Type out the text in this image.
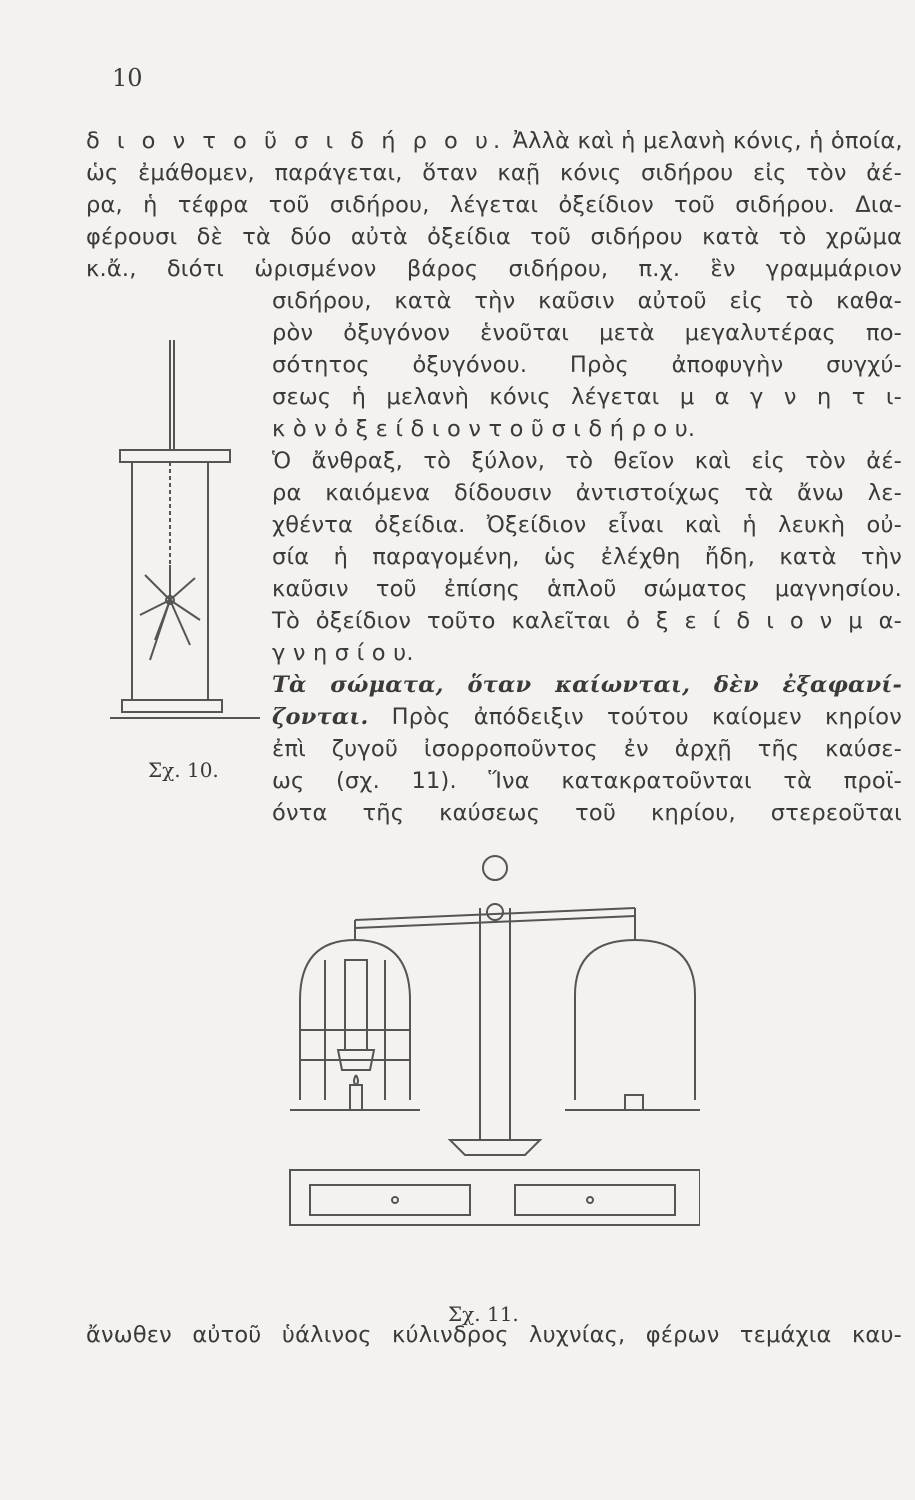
10
δ ι ο ν τ ο ῦ σ ι δ ή ρ ο υ. Ἀλλὰ καὶ ἡ μελανὴ κόνις, ἡ ὁποία,
ὡς ἐμάθομεν, παράγεται, ὅταν καῇ κόνις σιδήρου εἰς τὸν ἀέ-
ρα, ἡ τέφρα τοῦ σιδήρου, λέγεται ὀξείδιον τοῦ σιδήρου. Δια-
φέρουσι δὲ τὰ δύο αὐτὰ ὀξείδια τοῦ σιδήρου κατὰ τὸ χρῶμα
κ.ἄ., διότι ὡρισμένον βάρος σιδήρου, π.χ. ἓν γραμμάριον
σιδήρου, κατὰ τὴν καῦσιν αὐτοῦ εἰς τὸ καθα-
ρὸν ὀξυγόνον ἑνοῦται μετὰ μεγαλυτέρας πο-
σότητος ὀξυγόνου. Πρὸς ἀποφυγὴν συγχύ-
σεως ἡ μελανὴ κόνις λέγεται μ α γ ν η τ ι-
κ ὸ ν ὀ ξ ε ί δ ι ο ν τ ο ῦ σ ι δ ή ρ ο υ.
Ὁ ἄνθραξ, τὸ ξύλον, τὸ θεῖον καὶ εἰς τὸν ἀέ-
ρα καιόμενα δίδουσιν ἀντιστοίχως τὰ ἄνω λε-
χθέντα ὀξείδια. Ὀξείδιον εἶναι καὶ ἡ λευκὴ οὐ-
σία ἡ παραγομένη, ὡς ἐλέχθη ἤδη, κατὰ τὴν
καῦσιν τοῦ ἐπίσης ἁπλοῦ σώματος μαγνησίου.
Τὸ ὀξείδιον τοῦτο καλεῖται ὀ ξ ε ί δ ι ο ν μ α-
γ ν η σ ί ο υ.
Τὰ σώματα, ὅταν καίωνται, δὲν ἐξαφανί-
ζονται. Πρὸς ἀπόδειξιν τούτου καίομεν κηρίον
ἐπὶ ζυγοῦ ἰσορροποῦντος ἐν ἀρχῇ τῆς καύσε-
ως (σχ. 11). Ἵνα κατακρατοῦνται τὰ προϊ-
όντα τῆς καύσεως τοῦ κηρίου, στερεοῦται
Σχ. 10.
Σχ. 11.
ἄνωθεν αὐτοῦ ὑάλινος κύλινδρος λυχνίας, φέρων τεμάχια καυ-
